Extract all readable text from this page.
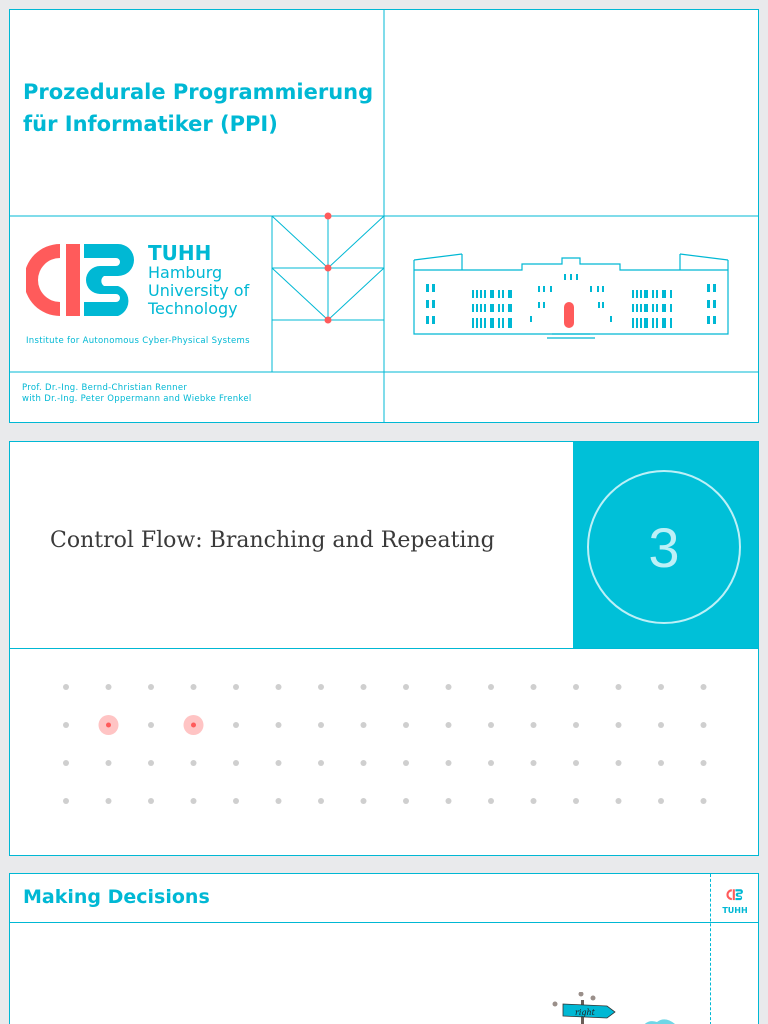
Prozedurale Programmierung
für Informatiker (PPI)
TUHH
Hamburg
University of
Technology
Institute for Autonomous Cyber-Physical Systems
Prof. Dr.-Ing. Bernd-Christian Renner
with Dr.-Ing. Peter Oppermann and Wiebke Frenkel
Control Flow: Branching and Repeating	3
Making Decisions
TUHH
right
